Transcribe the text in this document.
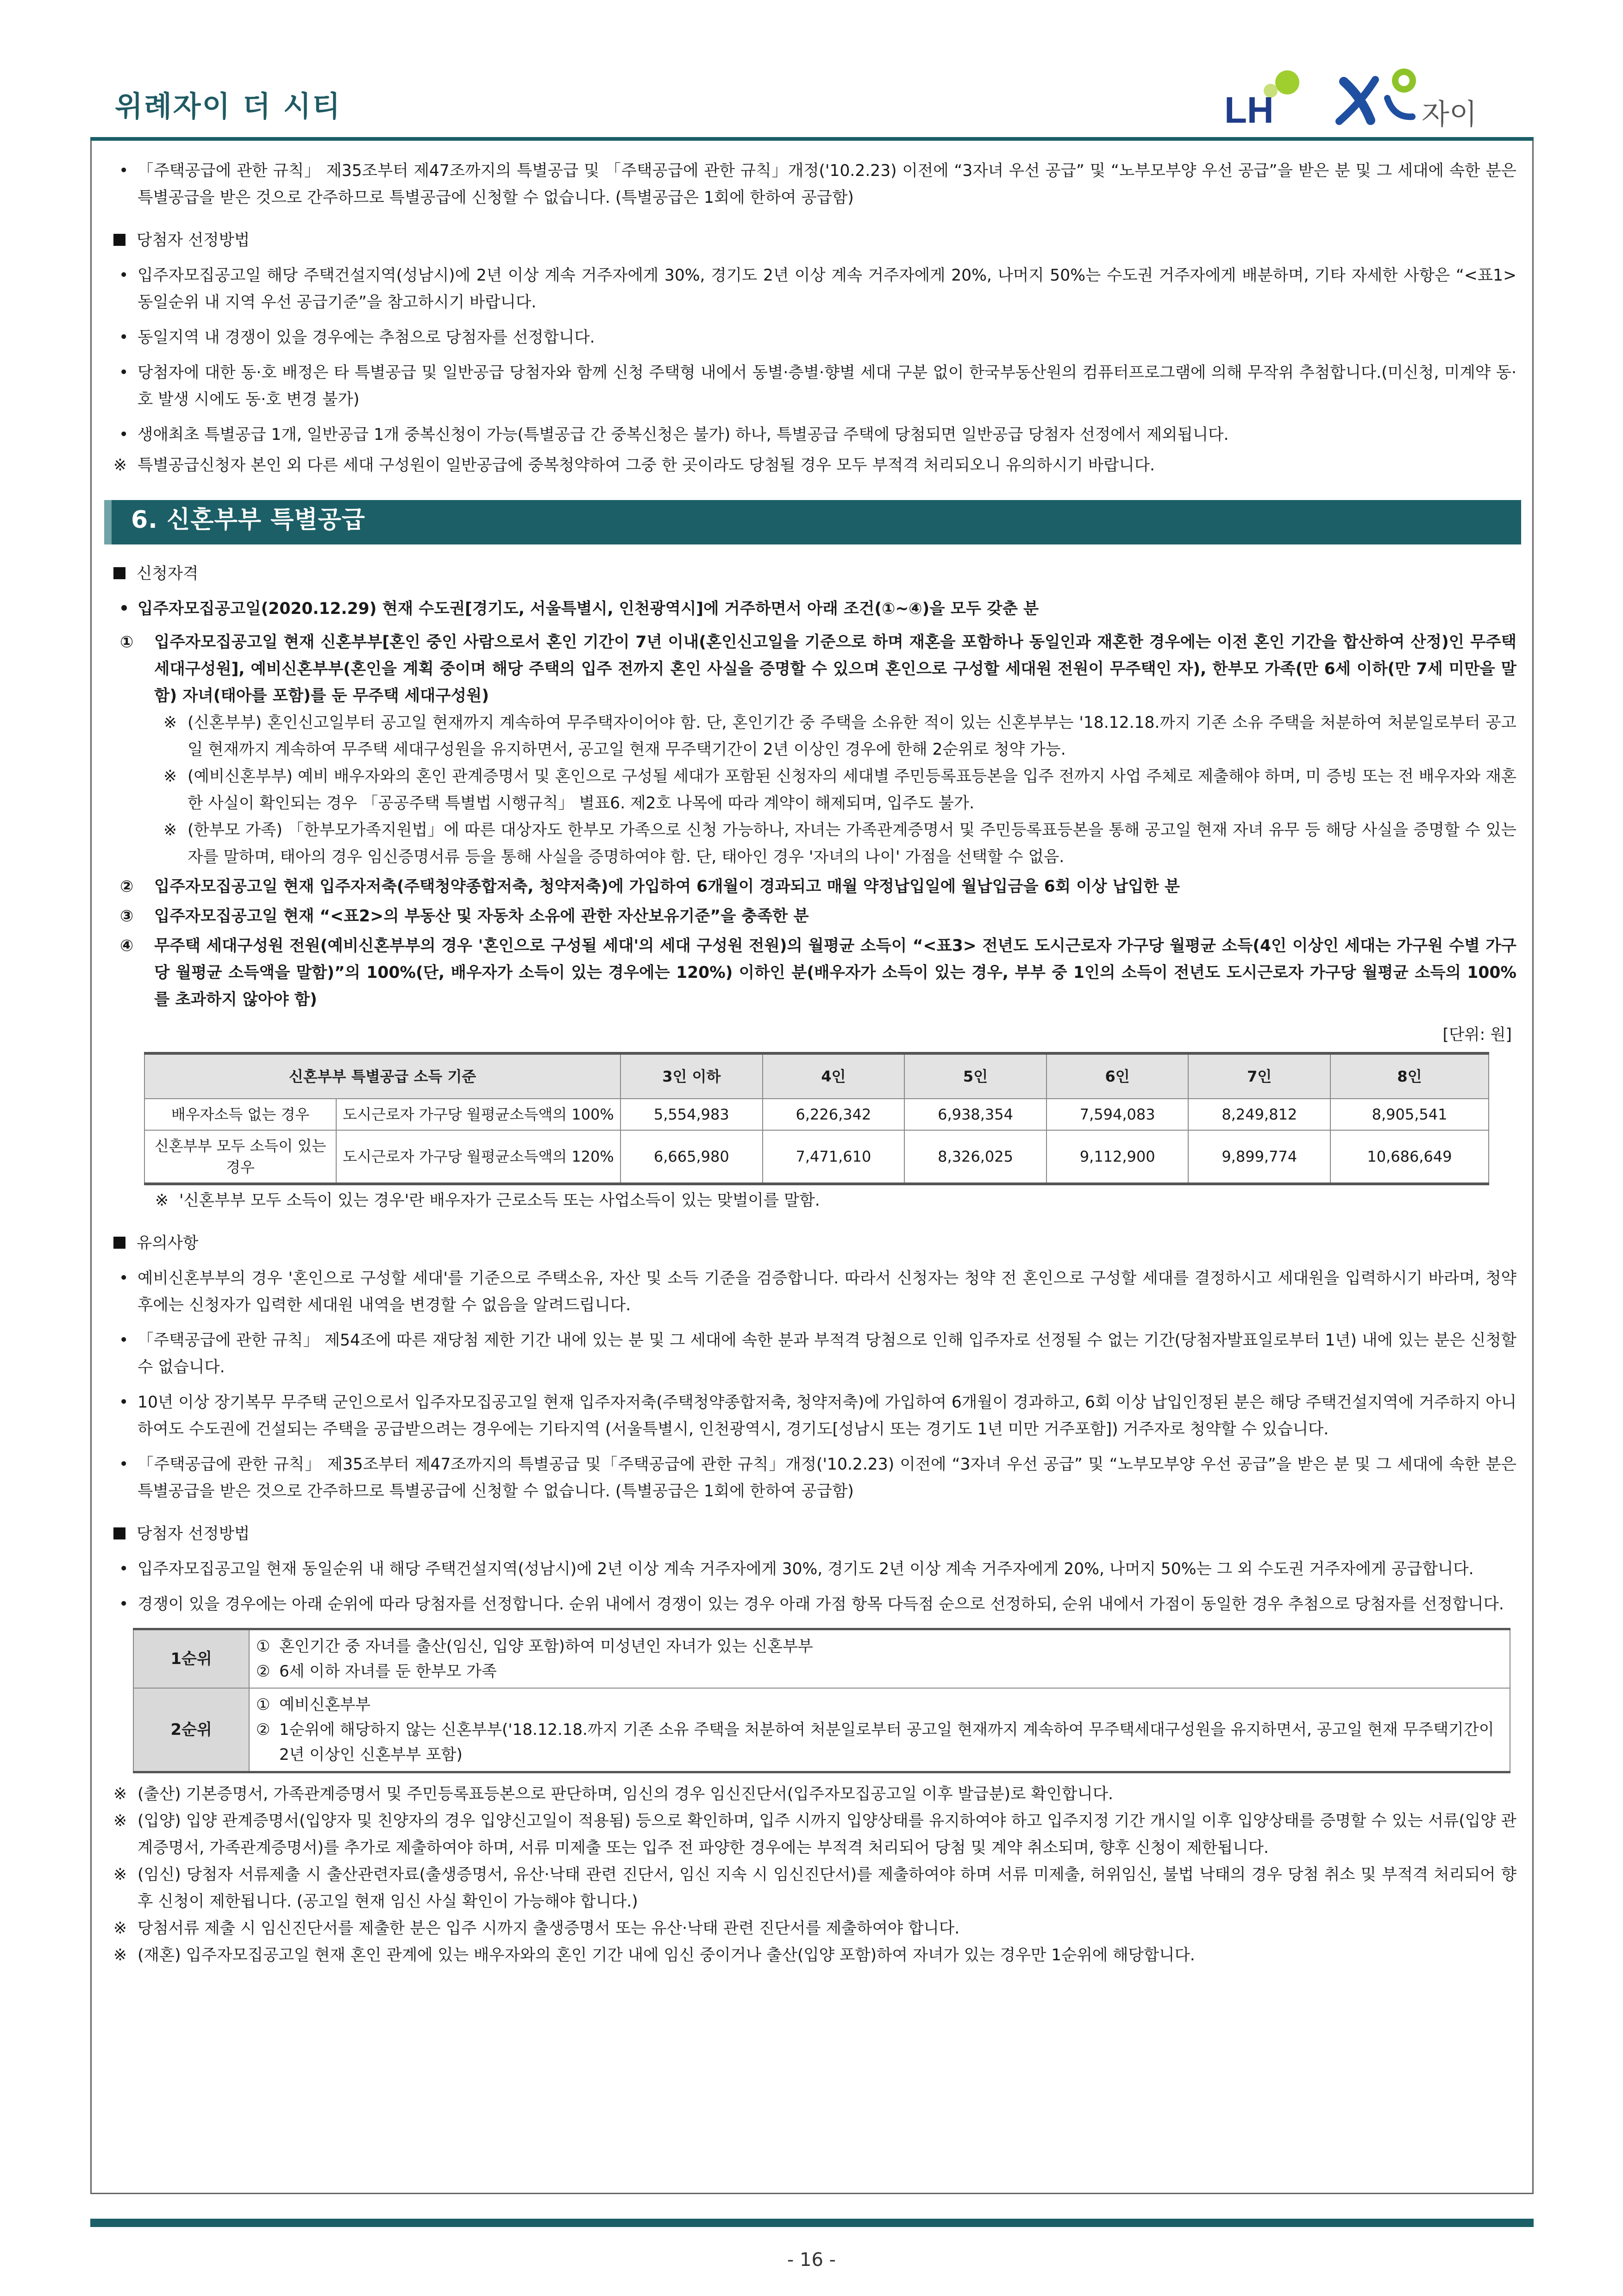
위례자이 더 시티	LH	자이
• 「주택공급에 관한 규칙」 제35조부터 제47조까지의 특별공급 및 「주택공급에 관한 규칙」개정('10.2.23) 이전에 “3자녀 우선 공급” 및 “노부모부양 우선 공급”을 받은 분 및 그 세대에 속한 분은 특별공급을 받은 것으로 간주하므로 특별공급에 신청할 수 없습니다. (특별공급은 1회에 한하여 공급함)
당첨자 선정방법
• 입주자모집공고일 해당 주택건설지역(성남시)에 2년 이상 계속 거주자에게 30%, 경기도 2년 이상 계속 거주자에게 20%, 나머지 50%는 수도권 거주자에게 배분하며, 기타 자세한 사항은 “<표1> 동일순위 내 지역 우선 공급기준”을 참고하시기 바랍니다.
• 동일지역 내 경쟁이 있을 경우에는 추첨으로 당첨자를 선정합니다.
• 당첨자에 대한 동·호 배정은 타 특별공급 및 일반공급 당첨자와 함께 신청 주택형 내에서 동별·층별·향별 세대 구분 없이 한국부동산원의 컴퓨터프로그램에 의해 무작위 추첨합니다.(미신청, 미계약 동·호 발생 시에도 동·호 변경 불가)
• 생애최초 특별공급 1개, 일반공급 1개 중복신청이 가능(특별공급 간 중복신청은 불가) 하나, 특별공급 주택에 당첨되면 일반공급 당첨자 선정에서 제외됩니다.
※ 특별공급신청자 본인 외 다른 세대 구성원이 일반공급에 중복청약하여 그중 한 곳이라도 당첨될 경우 모두 부적격 처리되오니 유의하시기 바랍니다.
6. 신혼부부 특별공급
신청자격
• 입주자모집공고일(2020.12.29) 현재 수도권[경기도, 서울특별시, 인천광역시]에 거주하면서 아래 조건(①~④)을 모두 갖춘 분
① 입주자모집공고일 현재 신혼부부[혼인 중인 사람으로서 혼인 기간이 7년 이내(혼인신고일을 기준으로 하며 재혼을 포함하나 동일인과 재혼한 경우에는 이전 혼인 기간을 합산하여 산정)인 무주택 세대구성원], 예비신혼부부(혼인을 계획 중이며 해당 주택의 입주 전까지 혼인 사실을 증명할 수 있으며 혼인으로 구성할 세대원 전원이 무주택인 자), 한부모 가족(만 6세 이하(만 7세 미만을 말함) 자녀(태아를 포함)를 둔 무주택 세대구성원)
※ (신혼부부) 혼인신고일부터 공고일 현재까지 계속하여 무주택자이어야 함. 단, 혼인기간 중 주택을 소유한 적이 있는 신혼부부는 '18.12.18.까지 기존 소유 주택을 처분하여 처분일로부터 공고일 현재까지 계속하여 무주택 세대구성원을 유지하면서, 공고일 현재 무주택기간이 2년 이상인 경우에 한해 2순위로 청약 가능.
※ (예비신혼부부) 예비 배우자와의 혼인 관계증명서 및 혼인으로 구성될 세대가 포함된 신청자의 세대별 주민등록표등본을 입주 전까지 사업 주체로 제출해야 하며, 미 증빙 또는 전 배우자와 재혼한 사실이 확인되는 경우 「공공주택 특별법 시행규칙」 별표6. 제2호 나목에 따라 계약이 해제되며, 입주도 불가.
※ (한부모 가족) 「한부모가족지원법」에 따른 대상자도 한부모 가족으로 신청 가능하나, 자녀는 가족관계증명서 및 주민등록표등본을 통해 공고일 현재 자녀 유무 등 해당 사실을 증명할 수 있는 자를 말하며, 태아의 경우 임신증명서류 등을 통해 사실을 증명하여야 함. 단, 태아인 경우 '자녀의 나이' 가점을 선택할 수 없음.
② 입주자모집공고일 현재 입주자저축(주택청약종합저축, 청약저축)에 가입하여 6개월이 경과되고 매월 약정납입일에 월납입금을 6회 이상 납입한 분
③ 입주자모집공고일 현재 “<표2>의 부동산 및 자동차 소유에 관한 자산보유기준”을 충족한 분
④ 무주택 세대구성원 전원(예비신혼부부의 경우 '혼인으로 구성될 세대'의 세대 구성원 전원)의 월평균 소득이 “<표3> 전년도 도시근로자 가구당 월평균 소득(4인 이상인 세대는 가구원 수별 가구당 월평균 소득액을 말함)”의 100%(단, 배우자가 소득이 있는 경우에는 120%) 이하인 분(배우자가 소득이 있는 경우, 부부 중 1인의 소득이 전년도 도시근로자 가구당 월평균 소득의 100%를 초과하지 않아야 함)
[단위: 원]
신혼부부 특별공급 소득 기준		3인 이하	4인	5인	6인	7인	8인
배우자소득 없는 경우	도시근로자 가구당 월평균소득액의 100%	5,554,983	6,226,342	6,938,354	7,594,083	8,249,812	8,905,541
신혼부부 모두 소득이 있는 경우	도시근로자 가구당 월평균소득액의 120%	6,665,980	7,471,610	8,326,025	9,112,900	9,899,774	10,686,649
※ '신혼부부 모두 소득이 있는 경우'란 배우자가 근로소득 또는 사업소득이 있는 맞벌이를 말함.
유의사항
• 예비신혼부부의 경우 '혼인으로 구성할 세대'를 기준으로 주택소유, 자산 및 소득 기준을 검증합니다. 따라서 신청자는 청약 전 혼인으로 구성할 세대를 결정하시고 세대원을 입력하시기 바라며, 청약 후에는 신청자가 입력한 세대원 내역을 변경할 수 없음을 알려드립니다.
• 「주택공급에 관한 규칙」 제54조에 따른 재당첨 제한 기간 내에 있는 분 및 그 세대에 속한 분과 부적격 당첨으로 인해 입주자로 선정될 수 없는 기간(당첨자발표일로부터 1년) 내에 있는 분은 신청할 수 없습니다.
• 10년 이상 장기복무 무주택 군인으로서 입주자모집공고일 현재 입주자저축(주택청약종합저축, 청약저축)에 가입하여 6개월이 경과하고, 6회 이상 납입인정된 분은 해당 주택건설지역에 거주하지 아니하여도 수도권에 건설되는 주택을 공급받으려는 경우에는 기타지역 (서울특별시, 인천광역시, 경기도[성남시 또는 경기도 1년 미만 거주포함]) 거주자로 청약할 수 있습니다.
• 「주택공급에 관한 규칙」 제35조부터 제47조까지의 특별공급 및「주택공급에 관한 규칙」개정('10.2.23) 이전에 “3자녀 우선 공급” 및 “노부모부양 우선 공급”을 받은 분 및 그 세대에 속한 분은 특별공급을 받은 것으로 간주하므로 특별공급에 신청할 수 없습니다. (특별공급은 1회에 한하여 공급함)
당첨자 선정방법
• 입주자모집공고일 현재 동일순위 내 해당 주택건설지역(성남시)에 2년 이상 계속 거주자에게 30%, 경기도 2년 이상 계속 거주자에게 20%, 나머지 50%는 그 외 수도권 거주자에게 공급합니다.
• 경쟁이 있을 경우에는 아래 순위에 따라 당첨자를 선정합니다. 순위 내에서 경쟁이 있는 경우 아래 가점 항목 다득점 순으로 선정하되, 순위 내에서 가점이 동일한 경우 추첨으로 당첨자를 선정합니다.
1순위	① 혼인기간 중 자녀를 출산(임신, 입양 포함)하여 미성년인 자녀가 있는 신혼부부
② 6세 이하 자녀를 둔 한부모 가족

2순위	① 예비신혼부부
② 1순위에 해당하지 않는 신혼부부('18.12.18.까지 기존 소유 주택을 처분하여 처분일로부터 공고일 현재까지 계속하여 무주택세대구성원을 유지하면서, 공고일 현재 무주택기간이 2년 이상인 신혼부부 포함)
※ (출산) 기본증명서, 가족관계증명서 및 주민등록표등본으로 판단하며, 임신의 경우 임신진단서(입주자모집공고일 이후 발급분)로 확인합니다.
※ (입양) 입양 관계증명서(입양자 및 친양자의 경우 입양신고일이 적용됨) 등으로 확인하며, 입주 시까지 입양상태를 유지하여야 하고 입주지정 기간 개시일 이후 입양상태를 증명할 수 있는 서류(입양 관계증명서, 가족관계증명서)를 추가로 제출하여야 하며, 서류 미제출 또는 입주 전 파양한 경우에는 부적격 처리되어 당첨 및 계약 취소되며, 향후 신청이 제한됩니다.
※ (임신) 당첨자 서류제출 시 출산관련자료(출생증명서, 유산·낙태 관련 진단서, 임신 지속 시 임신진단서)를 제출하여야 하며 서류 미제출, 허위임신, 불법 낙태의 경우 당첨 취소 및 부적격 처리되어 향후 신청이 제한됩니다. (공고일 현재 임신 사실 확인이 가능해야 합니다.)
※ 당첨서류 제출 시 임신진단서를 제출한 분은 입주 시까지 출생증명서 또는 유산·낙태 관련 진단서를 제출하여야 합니다.
※ (재혼) 입주자모집공고일 현재 혼인 관계에 있는 배우자와의 혼인 기간 내에 임신 중이거나 출산(입양 포함)하여 자녀가 있는 경우만 1순위에 해당합니다.
- 16 -
